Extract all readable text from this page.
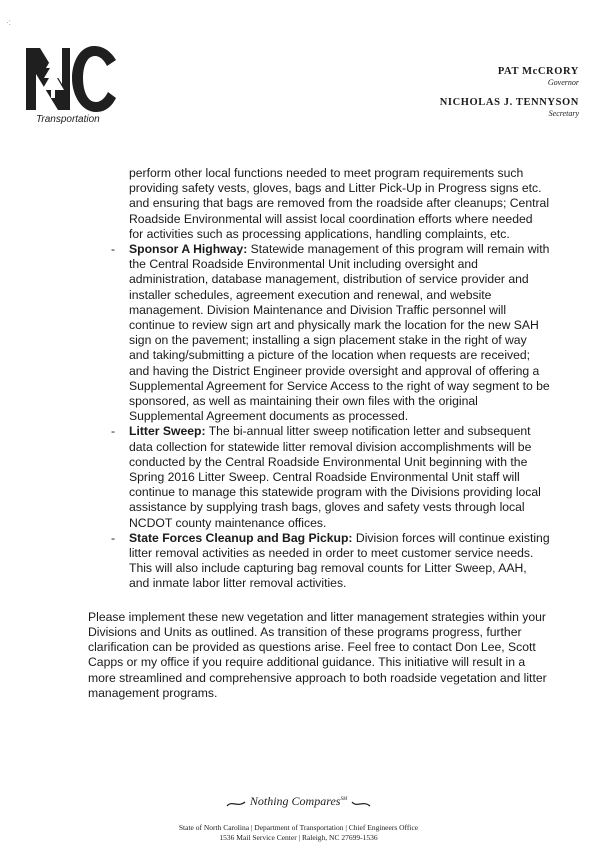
·:
Transportation
PAT McCRORY
Governor
NICHOLAS J. TENNYSON
Secretary

perform other local functions needed to meet program requirements such providing safety vests, gloves, bags and Litter Pick-Up in Progress signs etc. and ensuring that bags are removed from the roadside after cleanups; Central Roadside Environmental will assist local coordination efforts where needed for activities such as processing applications, handling complaints, etc.

-	Sponsor A Highway: Statewide management of this program will remain with the Central Roadside Environmental Unit including oversight and administration, database management, distribution of service provider and installer schedules, agreement execution and renewal, and website management. Division Maintenance and Division Traffic personnel will continue to review sign art and physically mark the location for the new SAH sign on the pavement; installing a sign placement stake in the right of way and taking/submitting a picture of the location when requests are received; and having the District Engineer provide oversight and approval of offering a Supplemental Agreement for Service Access to the right of way segment to be sponsored, as well as maintaining their own files with the original Supplemental Agreement documents as processed.
-	Litter Sweep: The bi-annual litter sweep notification letter and subsequent data collection for statewide litter removal division accomplishments will be conducted by the Central Roadside Environmental Unit beginning with the Spring 2016 Litter Sweep. Central Roadside Environmental Unit staff will continue to manage this statewide program with the Divisions providing local assistance by supplying trash bags, gloves and safety vests through local NCDOT county maintenance offices.
-	State Forces Cleanup and Bag Pickup: Division forces will continue existing litter removal activities as needed in order to meet customer service needs. This will also include capturing bag removal counts for Litter Sweep, AAH, and inmate labor litter removal activities.

Please implement these new vegetation and litter management strategies within your Divisions and Units as outlined. As transition of these programs progress, further clarification can be provided as questions arise. Feel free to contact Don Lee, Scott Capps or my office if you require additional guidance. This initiative will result in a more streamlined and comprehensive approach to both roadside vegetation and litter management programs.

Nothing Compares℠
State of North Carolina | Department of Transportation | Chief Engineers Office
1536 Mail Service Center | Raleigh, NC 27699-1536
